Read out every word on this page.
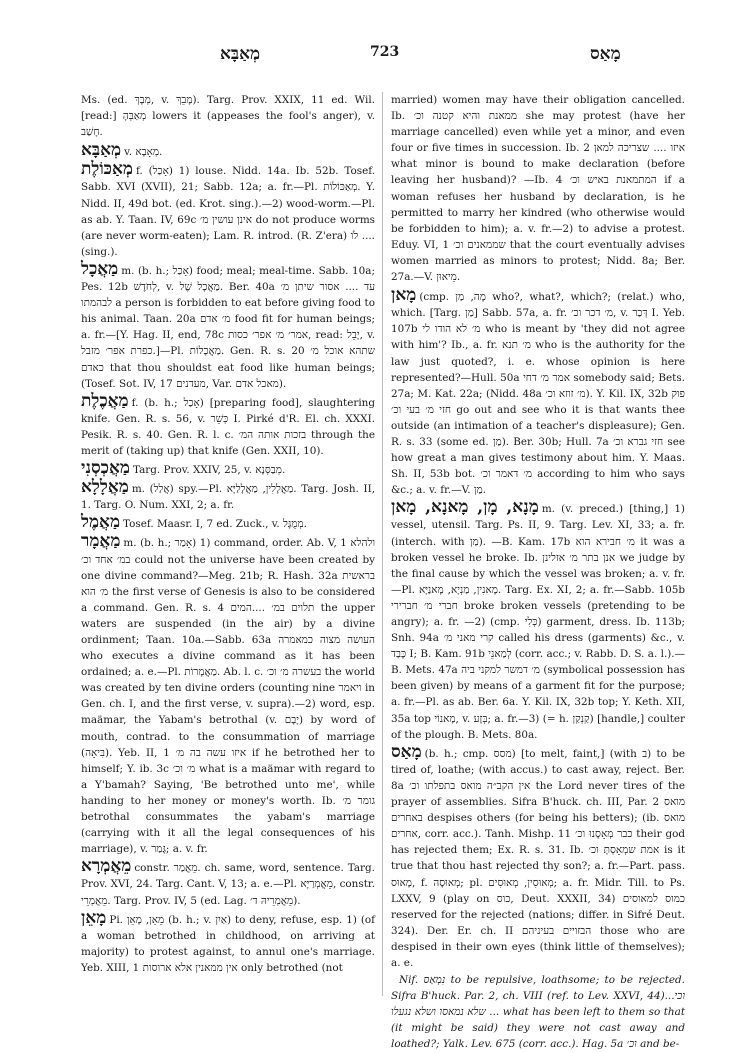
מְאַבָּא	723	מָאַס

Ms. (ed. מְבָךְ, v. מָבֵךְ). Targ. Prov. XXIX, 11 ed. Wil. [read:] מְאַבְּהָ lowers it (appeases the fool's anger), v. חָשַׁב.

מְאַבָּא v. מְאָבָא.

מְאַכּוֹלֶת f. (אָכַל) 1) louse. Nidd. 14a. Ib. 52b. Tosef. Sabb. XVI (XVII), 21; Sabb. 12a; a. fr.—Pl. מְאַכּוֹלוֹת. Y. Nidd. II, 49d bot. (ed. Krot. sing.).—2) wood-worm.—Pl. as ab. Y. Taan. IV, 69c אינן עושין מ׳ do not produce worms (are never worm-eaten); Lam. R. introd. (R. Z'era) לֹו .... (sing.).

מַאֲכָל m. (b. h.; אָכַל) food; meal; meal-time. Sabb. 10a; Pes. 12b לְחֹדֶשׁ, v. מַאֲכָל שֶׁל. Ber. 40a עד .... אסור שיתן מ׳ לבהמתו a person is forbidden to eat before giving food to his animal. Taan. 20a מ׳ אדם food fit for human beings; a. fr.—[Y. Hag. II, end, 78c אמר׳ מ׳ אפר׳ כסות, read: יָבֵל, v. כפרת אפר׳ מזבל.]—Pl. מַאֲכָלוֹת. Gen. R. s. 20 שתהא אוכל מ׳ כאדם that thou shouldst eat food like human beings; (Tosef. Sot. IV, 17 מעדנים, Var. מאכל אדם).

מַאֲכֶלֶת f. (b. h.; אָכַל) [preparing food], slaughtering knife. Gen. R. s. 56, v. כְּשֵׁר I. Pirké d'R. El. ch. XXXI. Pesik. R. s. 40. Gen. R. l. c. בזכות אותה המ׳ through the merit of (taking up) that knife (Gen. XXII, 10).

מַאֲכְסְנִי Targ. Prov. XXIV, 25, v. מְבַסְּנָא.

מַאֲלָלָא m. (אֲלַל) spy.—Pl. מַאֲלָלִין, מַאֲלָלַיָּא. Targ. Josh. II, 1. Targ. O. Num. XXI, 2; a. fr.

מַאֲמֶל Tosef. Maasr. I, 7 ed. Zuck., v. מְמֻגָּל.

מַאֲמָר m. (b. h.; אָמַר) 1) command, order. Ab. V, 1 ולהלא במ׳ אחד וכ׳ could not the universe have been created by one divine command?—Meg. 21b; R. Hash. 32a בראשית מ׳ הוא the first verse of Genesis is also to be considered a command. Gen. R. s. 4 תלוים במ׳ ....המים the upper waters are suspended (in the air) by a divine ordinment; Taan. 10a.—Sabb. 63a העושה מצוה כמאמרה who executes a divine command as it has been ordained; a. e.—Pl. מַאֲמָרוֹת. Ab. l. c. בעשרה מ׳ וכ׳ the world was created by ten divine orders (counting nine ויאמר in Gen. ch. I, and the first verse, v. supra).—2) word, esp. maämar, the Yabam's betrothal (v. יָבָם) by word of mouth, contrad. to the consummation of marriage (בִּיאָה). Yeb. II, 1 איזו עשה בה מ׳ if he betrothed her to himself; Y. ib. 3c מ׳ וכ׳ what is a maämar with regard to a Y'bamah? Saying, 'Be betrothed unto me', while handing to her money or money's worth. Ib. גומר מ׳ betrothal consummates the yabam's marriage (carrying with it all the legal consequences of his marriage), v. גָּמַר; a. v. fr.

מֵאֲמְרָא constr. מֵאֲמַר. ch. same, word, sentence. Targ. Prov. XVI, 24. Targ. Cant. V, 13; a. e.—Pl. מֵאֲמְרַיָּא, constr. מֵאֲמְרֵי. Targ. Prov. IV, 5 (ed. Lag. מֵאֲמְרֵיהּ ד׳).

מָאֵן Pi. מֵאֵן, מָאֵן (b. h.; v. אַיִן) to deny, refuse, esp. 1) (of a woman betrothed in childhood, on arriving at majority) to protest against, to annul one's marriage. Yeb. XIII, 1 אין ממאנין אלא ארוסות only betrothed (not

married) women may have their obligation cancelled. Ib. ממאנת והיא קטנה וכ׳ she may protest (have her marriage cancelled) even while yet a minor, and even four or five times in succession. Ib. 2 איזו .... שצריכה למאן what minor is bound to make declaration (before leaving her husband)? —Ib. 4 המתמאנת באיש וכ׳ if a woman refuses her husband by declaration, is he permitted to marry her kindred (who otherwise would be forbidden to him); a. v. fr.—2) to advise a protest. Eduy. VI, 1 שממאנים וכ׳ that the court eventually advises women married as minors to protest; Nidd. 8a; Ber. 27a.—V. מֵיאוּן.

מָאן (cmp. מָה, מַן who?, what?, which?; (relat.) who, which. [Targ. מַן] Sabb. 57a, a. fr. מ׳ דכר וכ׳, v. דְּכַר I. Yeb. 107b מ׳ לא הודו לי who is meant by 'they did not agree with him'? Ib., a. fr. מ׳ תנא who is the authority for the law just quoted?, i. e. whose opinion is here represented?—Hull. 50a אמר מ׳ דחי somebody said; Bets. 27a; M. Kat. 22a; (Nidd. 48a מ׳ זוזא וכ׳). Y. Kil. IX, 32b פוק חזי מ׳ בעי וכ׳ go out and see who it is that wants thee outside (an intimation of a teacher's displeasure); Gen. R. s. 33 (some ed. מַן). Ber. 30b; Hull. 7a חזי גברא וכ׳ see how great a man gives testimony about him. Y. Maas. Sh. II, 53b bot. מ׳ דאמר וכ׳ according to him who says &c.; a. v. fr.—V. מַן.

מָנָא, מָן, מָאנָא, מָאן m. (v. preced.) [thing,] 1) vessel, utensil. Targ. Ps. II, 9. Targ. Lev. XI, 33; a. fr. (interch. with מַן). —B. Kam. 17b מ׳ חבירא הוא it was a broken vessel he broke. Ib. אנן בתר מ׳ אזלינן we judge by the final cause by which the vessel was broken; a. v. fr.—Pl. מָאנִין, מַנְיָא, מָאנַיָּא. Targ. Ex. XI, 2; a. fr.—Sabb. 105b חברי מ׳ חברירי broke broken vessels (pretending to be angry); a. fr. —2) (cmp. כְּלִי) garment, dress. Ib. 113b; Snh. 94a קרי מאני מ׳ called his dress (garments) &c., v. כָּבַד I; B. Kam. 91b לְמַאנֵי (corr. acc.; v. Rabb. D. S. a. l.).—B. Mets. 47a מ׳ דמשר למקני ביה (symbolical possession has been given) by means of a garment fit for the purpose; a. fr.—Pl. as ab. Ber. 6a. Y. Kil. IX, 32b top; Y. Keth. XII, 35a top מָאנוֹי, v. בְּזָע; a. fr.—3) (= h. קַנְקַן) [handle,] coulter of the plough. B. Mets. 80a.

מָאַס (b. h.; cmp. מסס) [to melt, faint,] (with ב) to be tired of, loathe; (with accus.) to cast away, reject. Ber. 8a אין הקב״ה מואס בתפלתו וכ׳ the Lord never tires of the prayer of assemblies. Sifra B'huck. ch. III, Par. 2 מואס באחרים despises others (for being his betters); (ib. מואס אחרים, corr. acc.). Tanh. Mishp. 11 כבר מְאָסָנוּ וכ׳ their god has rejected them; Ex. R. s. 31. Ib. אמת שמְאָסְתָּ וכ׳ is it true that thou hast rejected thy son?; a. fr.—Part. pass. מָאוּס, f. מְאוּסָה; pl. מְאוּסִין, מְאוּסִים; a. fr. Midr. Till. to Ps. LXXV, 9 (play on כוס, Deut. XXXII, 34) כמוס למאוסים reserved for the rejected (nations; differ. in Sifré Deut. 324). Der. Er. ch. II הבזויים בעיניהם those who are despised in their own eyes (think little of themselves); a. e.

Nif. נִמְאַס to be repulsive, loathsome; to be rejected. Sifra B'huck. Par. 2, ch. VIII (ref. to Lev. XXVI, 44)...וכי שלא נמאסו ושלא נגעלו ... what has been left to them so that (it might be said) they were not cast away and loathed?; Yalk. Lev. 675 (corr. acc.). Hag. 5a וכ׳ and be-
